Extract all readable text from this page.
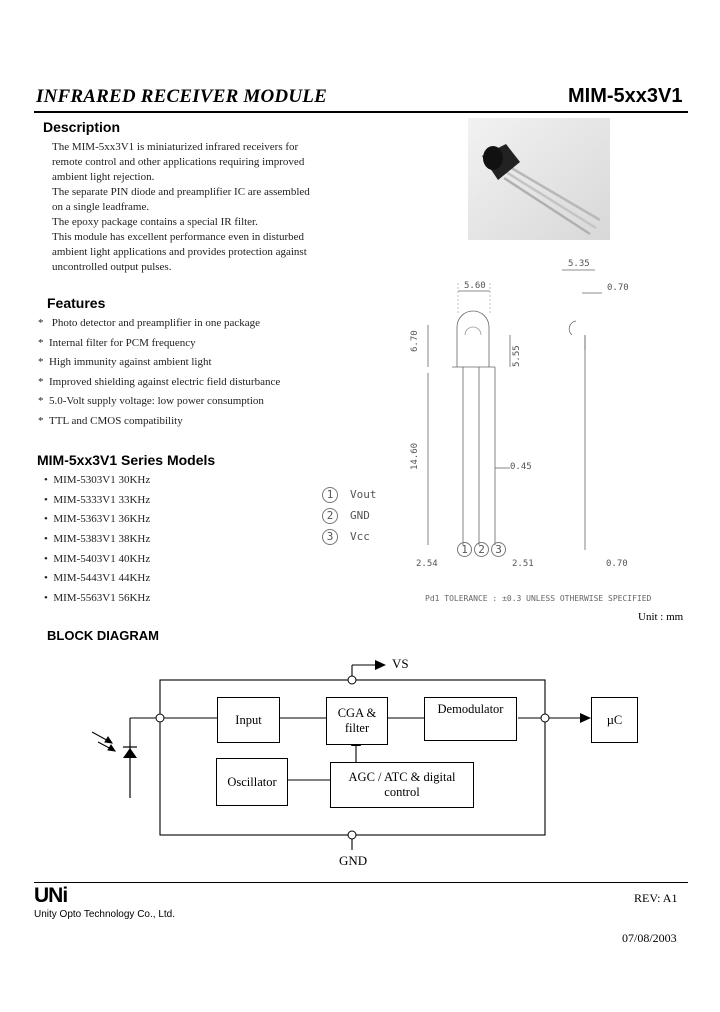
INFRARED RECEIVER MODULE	MIM-5xx3V1
Description
The MIM-5xx3V1 is miniaturized infrared receivers for
remote control and other applications requiring improved
ambient light rejection.
The separate PIN diode and preamplifier IC are assembled
on a single leadframe.
The epoxy package contains a special IR filter.
This module has excellent performance even in disturbed
ambient light applications and provides protection against
uncontrolled output pulses.
Features
*   Photo detector and preamplifier in one package
*  Internal filter for PCM frequency
*  High immunity against ambient light
*  Improved shielding against electric field disturbance
*  5.0-Volt supply voltage: low power consumption
*  TTL and CMOS compatibility
MIM-5xx3V1 Series Models
•  MIM-5303V1 30KHz
•  MIM-5333V1 33KHz
•  MIM-5363V1 36KHz
•  MIM-5383V1 38KHz
•  MIM-5403V1 40KHz
•  MIM-5443V1 44KHz
•  MIM-5563V1 56KHz
5.35
5.60	0.70
6.70
5.55
14.60	0.45
2.54	2.51	0.70
1 Vout
2 GND
3 Vcc
1 2 3
Pd1 TOLERANCE : ±0.3 UNLESS OTHERWISE SPECIFIED
Unit : mm
BLOCK DIAGRAM
VS
GND
Input	CGA &
filter
Demodulator
µC
Oscillator	AGC / ATC & digital
control
UNi
Unity Opto Technology Co., Ltd.
REV: A1
07/08/2003
